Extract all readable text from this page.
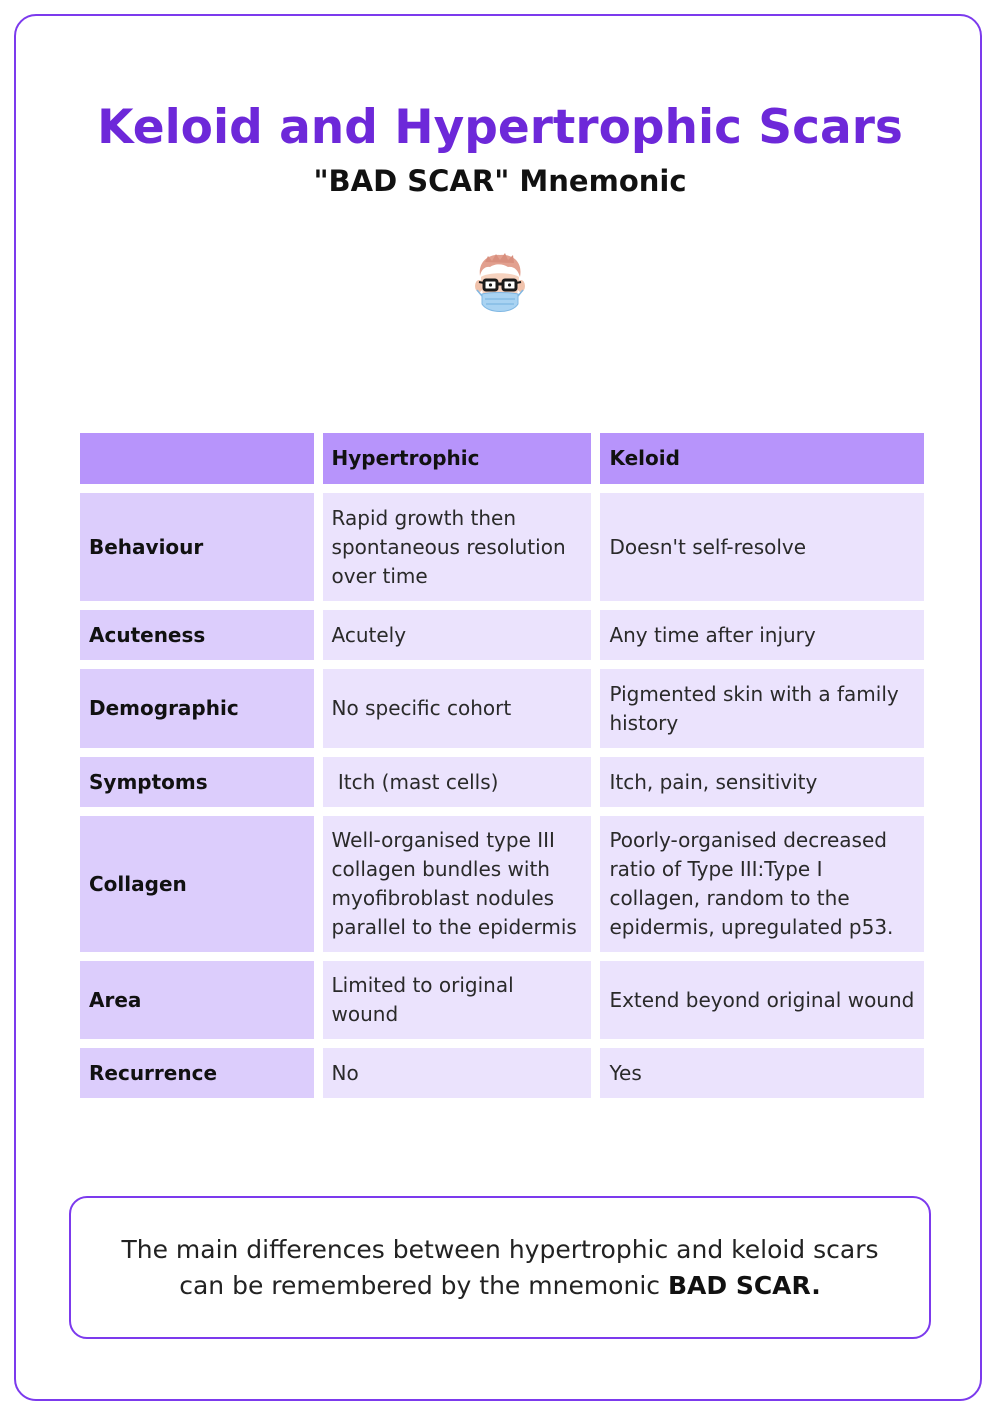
Keloid and Hypertrophic Scars
"BAD SCAR" Mnemonic
	Hypertrophic	Keloid
Behaviour	Rapid growth then spontaneous resolution over time	Doesn't self-resolve
Acuteness	Acutely	Any time after injury
Demographic	No specific cohort	Pigmented skin with a family history
Symptoms	Itch (mast cells)	Itch, pain, sensitivity
Collagen	Well-organised type III collagen bundles with myofibroblast nodules parallel to the epidermis	Poorly-organised decreased ratio of Type III:Type I collagen, random to the epidermis, upregulated p53.
Area	Limited to original wound	Extend beyond original wound
Recurrence	No	Yes

The main differences between hypertrophic and keloid scars can be remembered by the mnemonic BAD SCAR.
